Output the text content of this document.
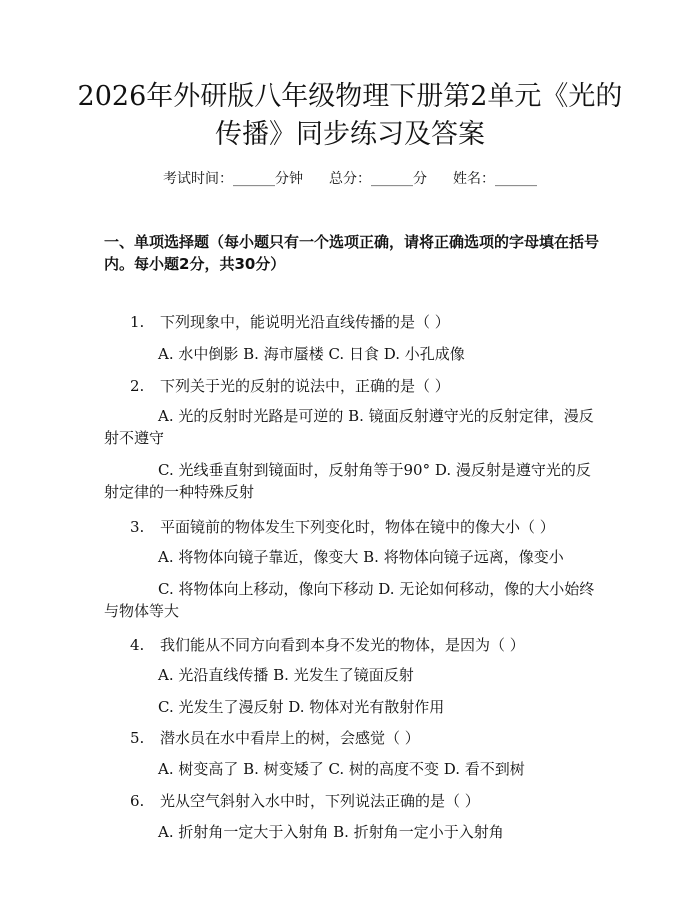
2026年外研版八年级物理下册第2单元《光的传播》同步练习及答案
考试时间：______分钟 总分：______分 姓名：______
一、单项选择题（每小题只有一个选项正确，请将正确选项的字母填在括号内。每小题2分，共30分）
1. 下列现象中，能说明光沿直线传播的是（ ）
A. 水中倒影 B. 海市蜃楼 C. 日食 D. 小孔成像
2. 下列关于光的反射的说法中，正确的是（ ）
A. 光的反射时光路是可逆的 B. 镜面反射遵守光的反射定律，漫反射不遵守
C. 光线垂直射到镜面时，反射角等于90° D. 漫反射是遵守光的反射定律的一种特殊反射
3. 平面镜前的物体发生下列变化时，物体在镜中的像大小（ ）
A. 将物体向镜子靠近，像变大 B. 将物体向镜子远离，像变小
C. 将物体向上移动，像向下移动 D. 无论如何移动，像的大小始终与物体等大
4. 我们能从不同方向看到本身不发光的物体，是因为（ ）
A. 光沿直线传播 B. 光发生了镜面反射
C. 光发生了漫反射 D. 物体对光有散射作用
5. 潜水员在水中看岸上的树，会感觉（ ）
A. 树变高了 B. 树变矮了 C. 树的高度不变 D. 看不到树
6. 光从空气斜射入水中时，下列说法正确的是（ ）
A. 折射角一定大于入射角 B. 折射角一定小于入射角
